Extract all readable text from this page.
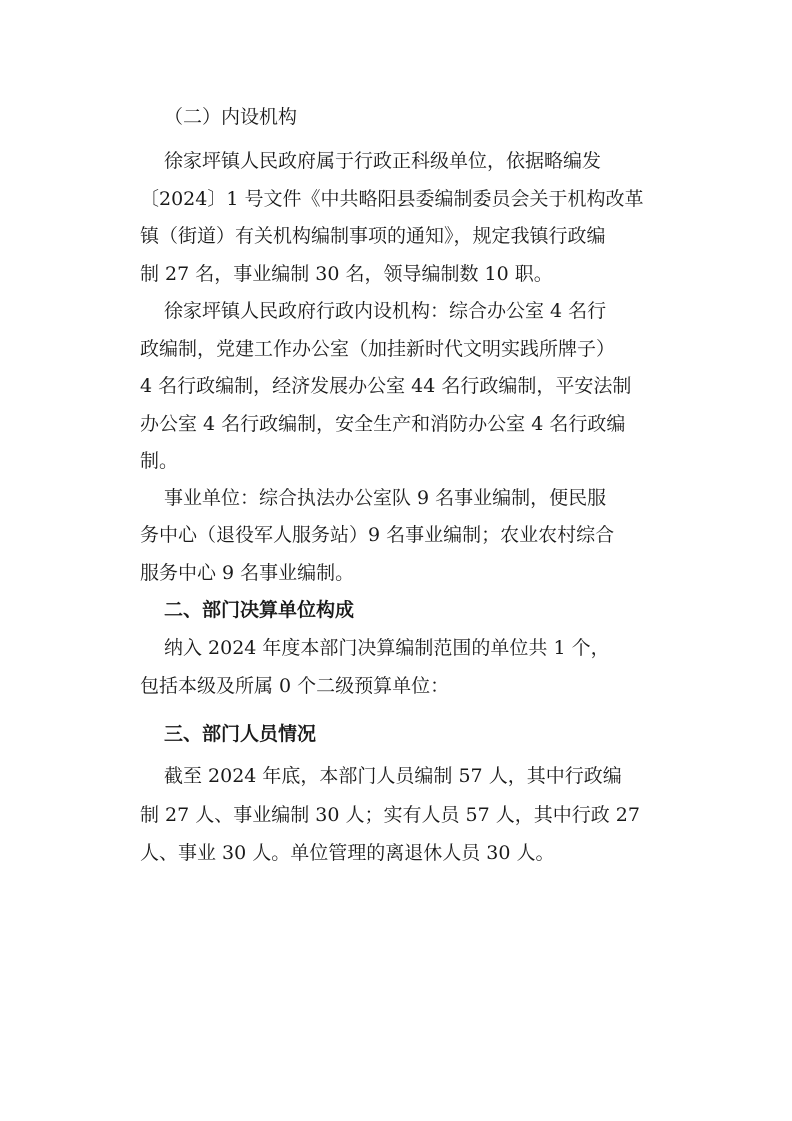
（二）内设机构
徐家坪镇人民政府属于行政正科级单位，依据略编发
〔2024〕1 号文件《中共略阳县委编制委员会关于机构改革
镇（街道）有关机构编制事项的通知》，规定我镇行政编
制 27 名，事业编制 30 名，领导编制数 10 职。
徐家坪镇人民政府行政内设机构：综合办公室 4 名行
政编制，党建工作办公室（加挂新时代文明实践所牌子）
4 名行政编制，经济发展办公室 44 名行政编制，平安法制
办公室 4 名行政编制，安全生产和消防办公室 4 名行政编
制。
事业单位：综合执法办公室队 9 名事业编制，便民服
务中心（退役军人服务站）9 名事业编制；农业农村综合
服务中心 9 名事业编制。
二、部门决算单位构成
纳入 2024 年度本部门决算编制范围的单位共 1 个，
包括本级及所属 0 个二级预算单位：
三、部门人员情况
截至 2024 年底，本部门人员编制 57 人，其中行政编
制 27 人、事业编制 30 人；实有人员 57 人，其中行政 27
人、事业 30 人。单位管理的离退休人员 30 人。
